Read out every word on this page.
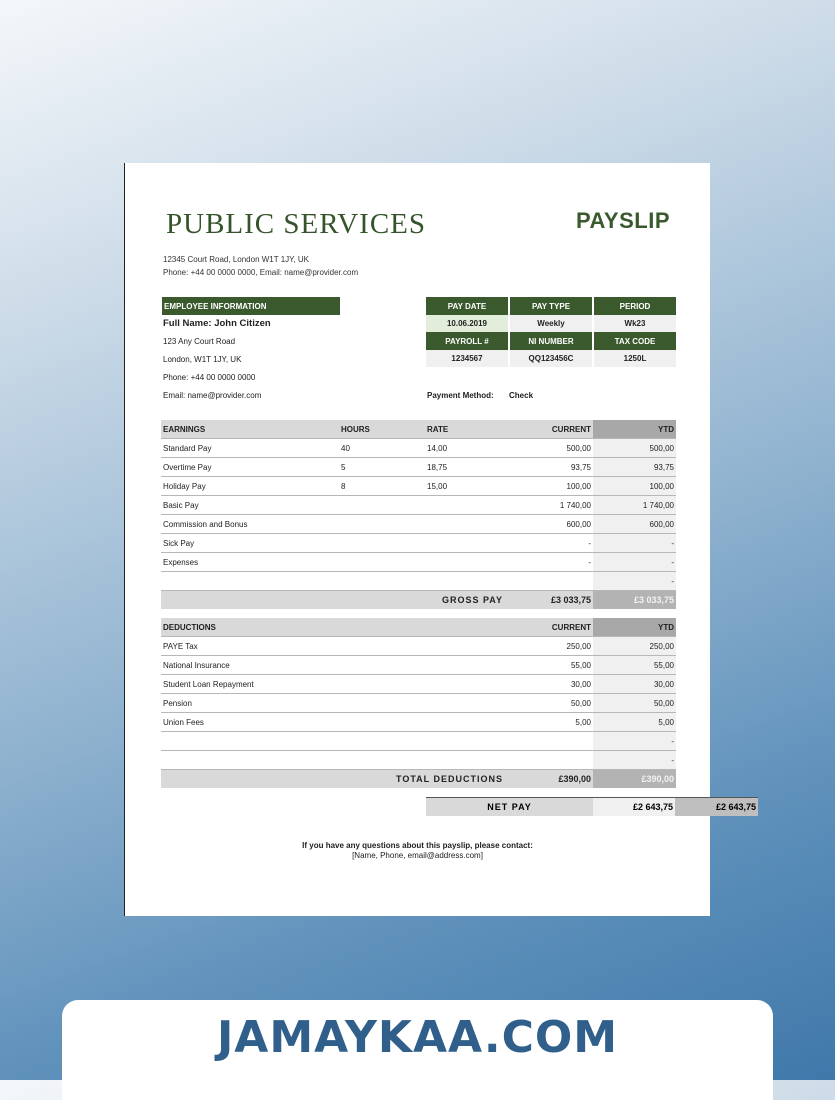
PUBLIC SERVICES	PAYSLIP
12345 Court Road, London W1T 1JY, UK
Phone: +44 00 0000 0000, Email: name@provider.com
EMPLOYEE INFORMATION
Full Name: John Citizen
123 Any Court Road
London, W1T 1JY, UK
Phone: +44 00 0000 0000
Email: name@provider.com
PAY DATE	PAY TYPE	PERIOD
10.06.2019	Weekly	Wk23
PAYROLL #	NI NUMBER	TAX CODE
1234567	QQ123456C	1250L
Payment Method: Check
EARNINGS	HOURS	RATE	CURRENT	YTD
Standard Pay	40	14,00	500,00	500,00
Overtime Pay	5	18,75	93,75	93,75
Holiday Pay	8	15,00	100,00	100,00
Basic Pay			1 740,00	1 740,00
Commission and Bonus			600,00	600,00
Sick Pay			-	-
Expenses			-	-
				-
GROSS PAY			£3 033,75	£3 033,75
DEDUCTIONS	CURRENT	YTD
PAYE Tax	250,00	250,00
National Insurance	55,00	55,00
Student Loan Repayment	30,00	30,00
Pension	50,00	50,00
Union Fees	5,00	5,00
		-
		-
TOTAL DEDUCTIONS	£390,00	£390,00
NET PAY	£2 643,75	£2 643,75
If you have any questions about this payslip, please contact:
[Name, Phone, email@address.com]
JAMAYKAA.COM
